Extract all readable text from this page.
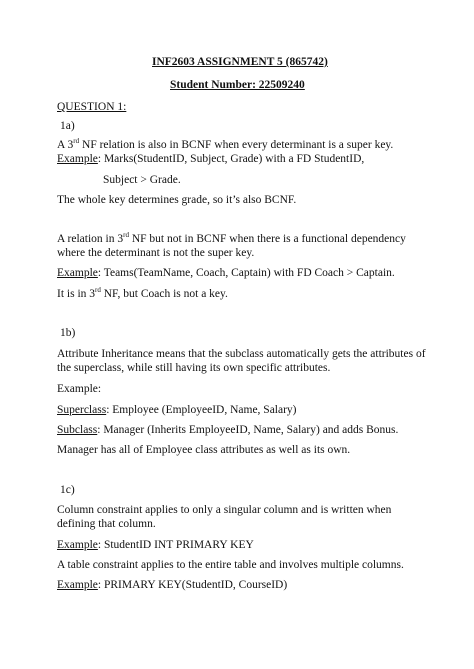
INF2603 ASSIGNMENT 5 (865742)
Student Number: 22509240
QUESTION 1:
1a)
A 3rd NF relation is also in BCNF when every determinant is a super key.
Example: Marks(StudentID, Subject, Grade) with a FD StudentID,
Subject > Grade.
The whole key determines grade, so it’s also BCNF.
A relation in 3rd NF but not in BCNF when there is a functional dependency
where the determinant is not the super key.
Example: Teams(TeamName, Coach, Captain) with FD Coach > Captain.
It is in 3rd NF, but Coach is not a key.
1b)
Attribute Inheritance means that the subclass automatically gets the attributes of
the superclass, while still having its own specific attributes.
Example:
Superclass: Employee (EmployeeID, Name, Salary)
Subclass: Manager (Inherits EmployeeID, Name, Salary) and adds Bonus.
Manager has all of Employee class attributes as well as its own.
1c)
Column constraint applies to only a singular column and is written when
defining that column.
Example: StudentID INT PRIMARY KEY
A table constraint applies to the entire table and involves multiple columns.
Example: PRIMARY KEY(StudentID, CourseID)
